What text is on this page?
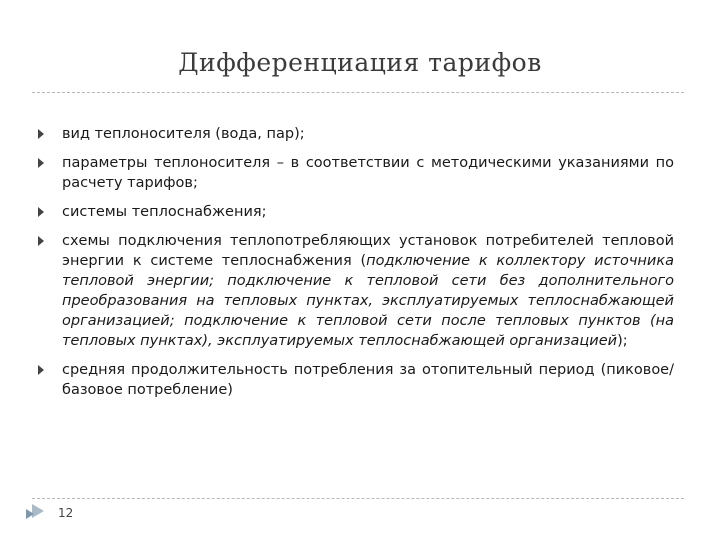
Дифференциация тарифов
вид теплоносителя (вода, пар);
параметры теплоносителя – в соответствии с методическими указаниями по расчету тарифов;
системы теплоснабжения;
схемы подключения теплопотребляющих установок потребителей тепловой энергии к системе теплоснабжения (подключение к коллектору источника тепловой энергии; подключение к тепловой сети без дополнительного преобразования на тепловых пунктах, эксплуатируемых теплоснабжающей организацией; подключение к тепловой сети после тепловых пунктов (на тепловых пунктах), эксплуатируемых теплоснабжающей организацией);
средняя продолжительность потребления за отопительный период (пиковое/базовое потребление)
12
